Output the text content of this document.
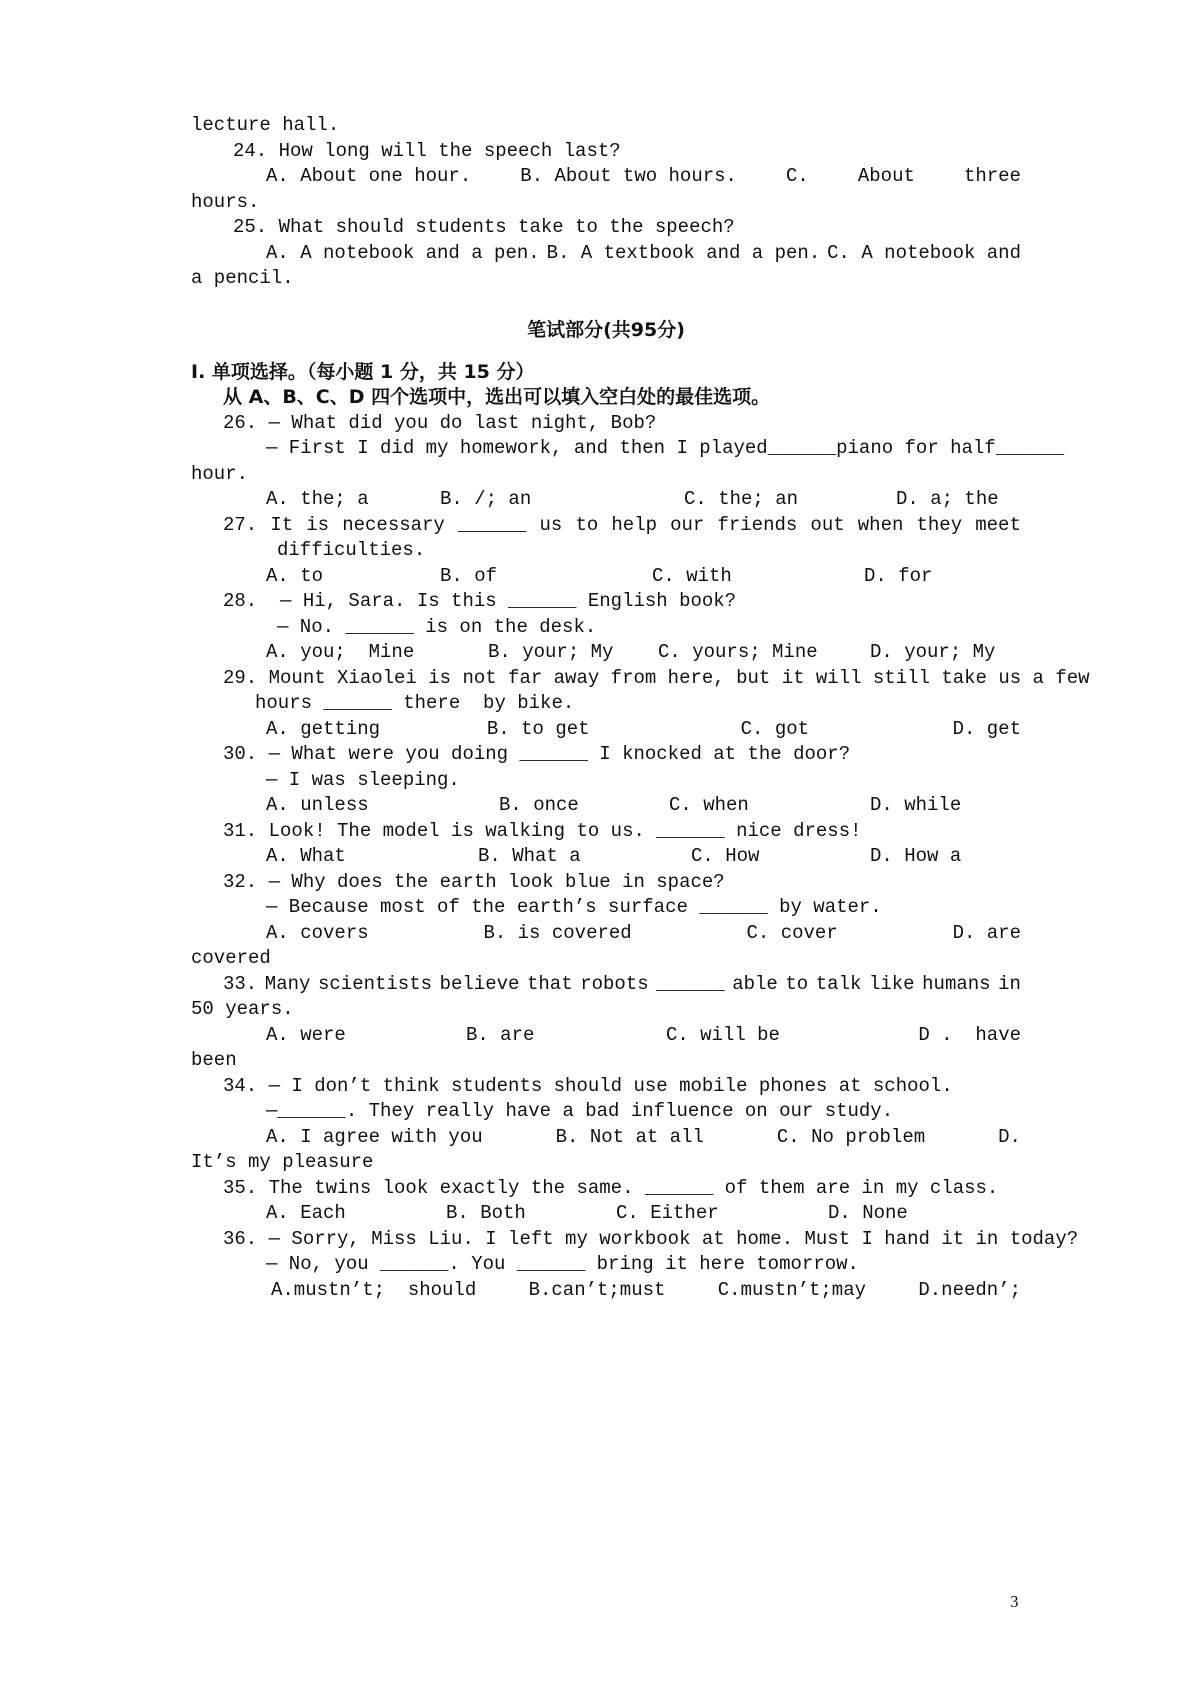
lecture hall.
24. How long will the speech last?
A. About one hour.	B. About two hours.	C.	About	three
hours.
25. What should students take to the speech?
A. A notebook and a pen. B. A textbook and a pen. C. A notebook and
a pencil.
笔试部分(共95分)
I. 单项选择。（每小题 1 分，共 15 分）
从 A、B、C、D 四个选项中，选出可以填入空白处的最佳选项。
26. — What did you do last night, Bob?
— First I did my homework, and then I played ______ piano for half ______
hour.
A. the; a	B. /; an	C. the; an	D. a; the
27. It is necessary ______ us to help our friends out when they meet
difficulties.
A. to	B. of	C. with	D. for
28.  — Hi, Sara. Is this ______ English book?
— No. ______ is on the desk.
A. you;  Mine	B. your; My	C. yours; Mine	D. your; My
29. Mount Xiaolei is not far away from here, but it will still take us a few
hours ______ there  by bike.
A. getting	B. to get	C. got	D. get
30. — What were you doing ______ I knocked at the door?
— I was sleeping.
A. unless	B. once	C. when	D. while
31. Look! The model is walking to us. ______ nice dress!
A. What	B. What a	C. How	D. How a
32. — Why does the earth look blue in space?
— Because most of the earth’s surface ______ by water.
A. covers	B. is covered	C. cover	D. are
covered
33. Many scientists believe that robots ______ able to talk like humans in
50 years.
A. were	B. are	C. will be	D .  have
been
34. — I don’t think students should use mobile phones at school.
—______. They really have a bad influence on our study.
A. I agree with you	B. Not at all	C. No problem	D.
It’s my pleasure
35. The twins look exactly the same. ______ of them are in my class.
A. Each	B. Both	C. Either	D. None
36. — Sorry, Miss Liu. I left my workbook at home. Must I hand it in today?
— No, you ______. You ______ bring it here tomorrow.
A.mustn’t;  should	B.can’t;must	C.mustn’t;may	D.needn’;
3
